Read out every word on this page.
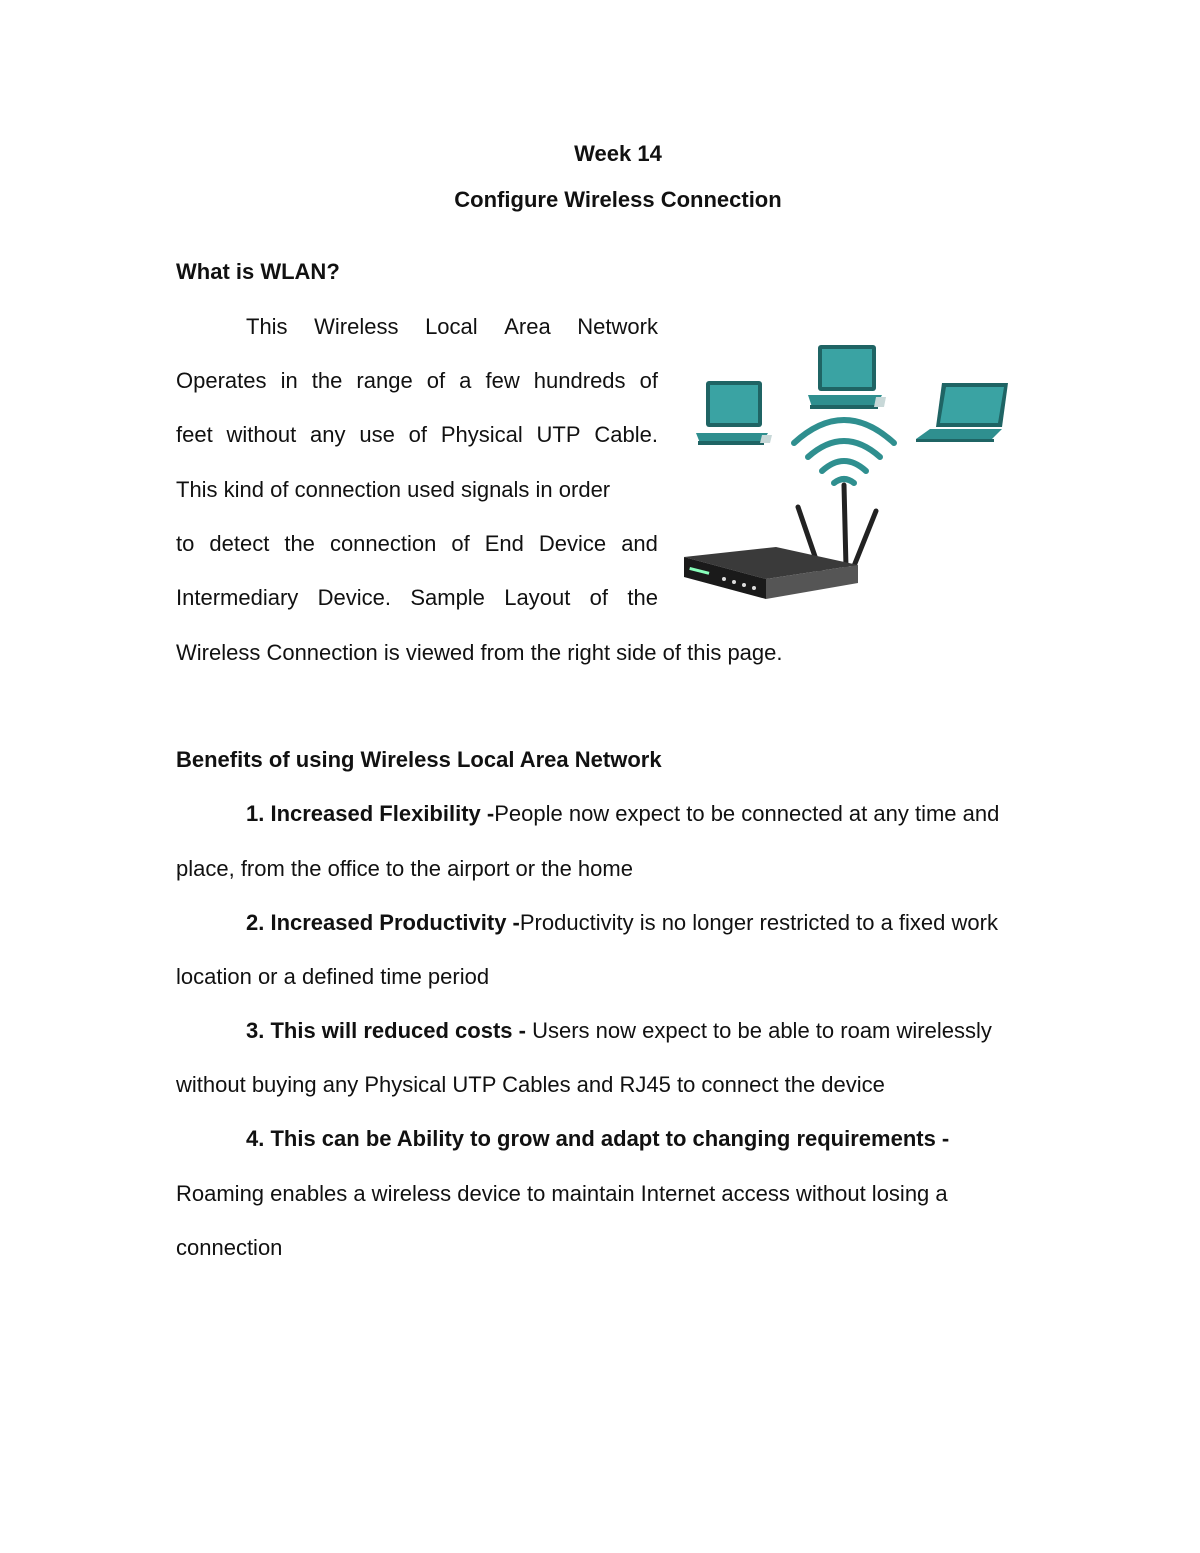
Week 14
Configure Wireless Connection
What is WLAN?
This Wireless Local Area Network
Operates in the range of a few hundreds of
feet without any use of Physical UTP Cable.
This kind of connection used signals in order
to detect the connection of End Device and
Intermediary Device. Sample Layout of the
Wireless Connection is viewed from the right side of this page.
Benefits of using Wireless Local Area Network
1. Increased Flexibility -People now expect to be connected at any time and
place, from the office to the airport or the home
2. Increased Productivity -Productivity is no longer restricted to a fixed work
location or a defined time period
3. This will reduced costs - Users now expect to be able to roam wirelessly
without buying any Physical UTP Cables and RJ45 to connect the device
4. This can be Ability to grow and adapt to changing requirements -
Roaming enables a wireless device to maintain Internet access without losing a
connection
